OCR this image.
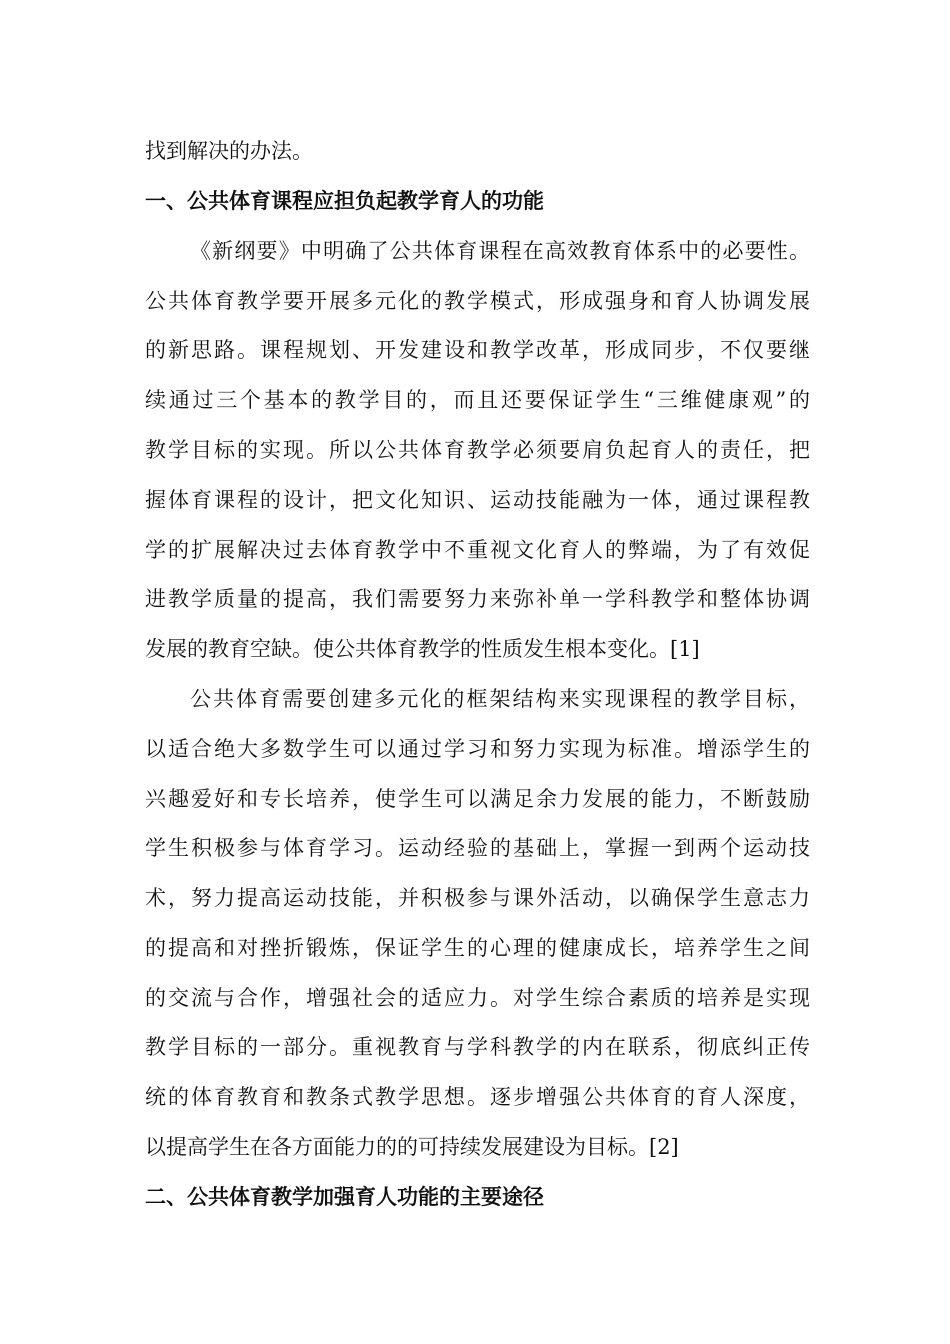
找到解决的办法。
一、公共体育课程应担负起教学育人的功能
《新纲要》中明确了公共体育课程在高效教育体系中的必要性。
公共体育教学要开展多元化的教学模式，形成强身和育人协调发展
的新思路。课程规划、开发建设和教学改革，形成同步，不仅要继
续通过三个基本的教学目的，而且还要保证学生“三维健康观”的
教学目标的实现。所以公共体育教学必须要肩负起育人的责任，把
握体育课程的设计，把文化知识、运动技能融为一体，通过课程教
学的扩展解决过去体育教学中不重视文化育人的弊端，为了有效促
进教学质量的提高，我们需要努力来弥补单一学科教学和整体协调
发展的教育空缺。使公共体育教学的性质发生根本变化。[1]
公共体育需要创建多元化的框架结构来实现课程的教学目标，
以适合绝大多数学生可以通过学习和努力实现为标准。增添学生的
兴趣爱好和专长培养，使学生可以满足余力发展的能力，不断鼓励
学生积极参与体育学习。运动经验的基础上，掌握一到两个运动技
术，努力提高运动技能，并积极参与课外活动，以确保学生意志力
的提高和对挫折锻炼，保证学生的心理的健康成长，培养学生之间
的交流与合作，增强社会的适应力。对学生综合素质的培养是实现
教学目标的一部分。重视教育与学科教学的内在联系，彻底纠正传
统的体育教育和教条式教学思想。逐步增强公共体育的育人深度，
以提高学生在各方面能力的的可持续发展建设为目标。[2]
二、公共体育教学加强育人功能的主要途径
